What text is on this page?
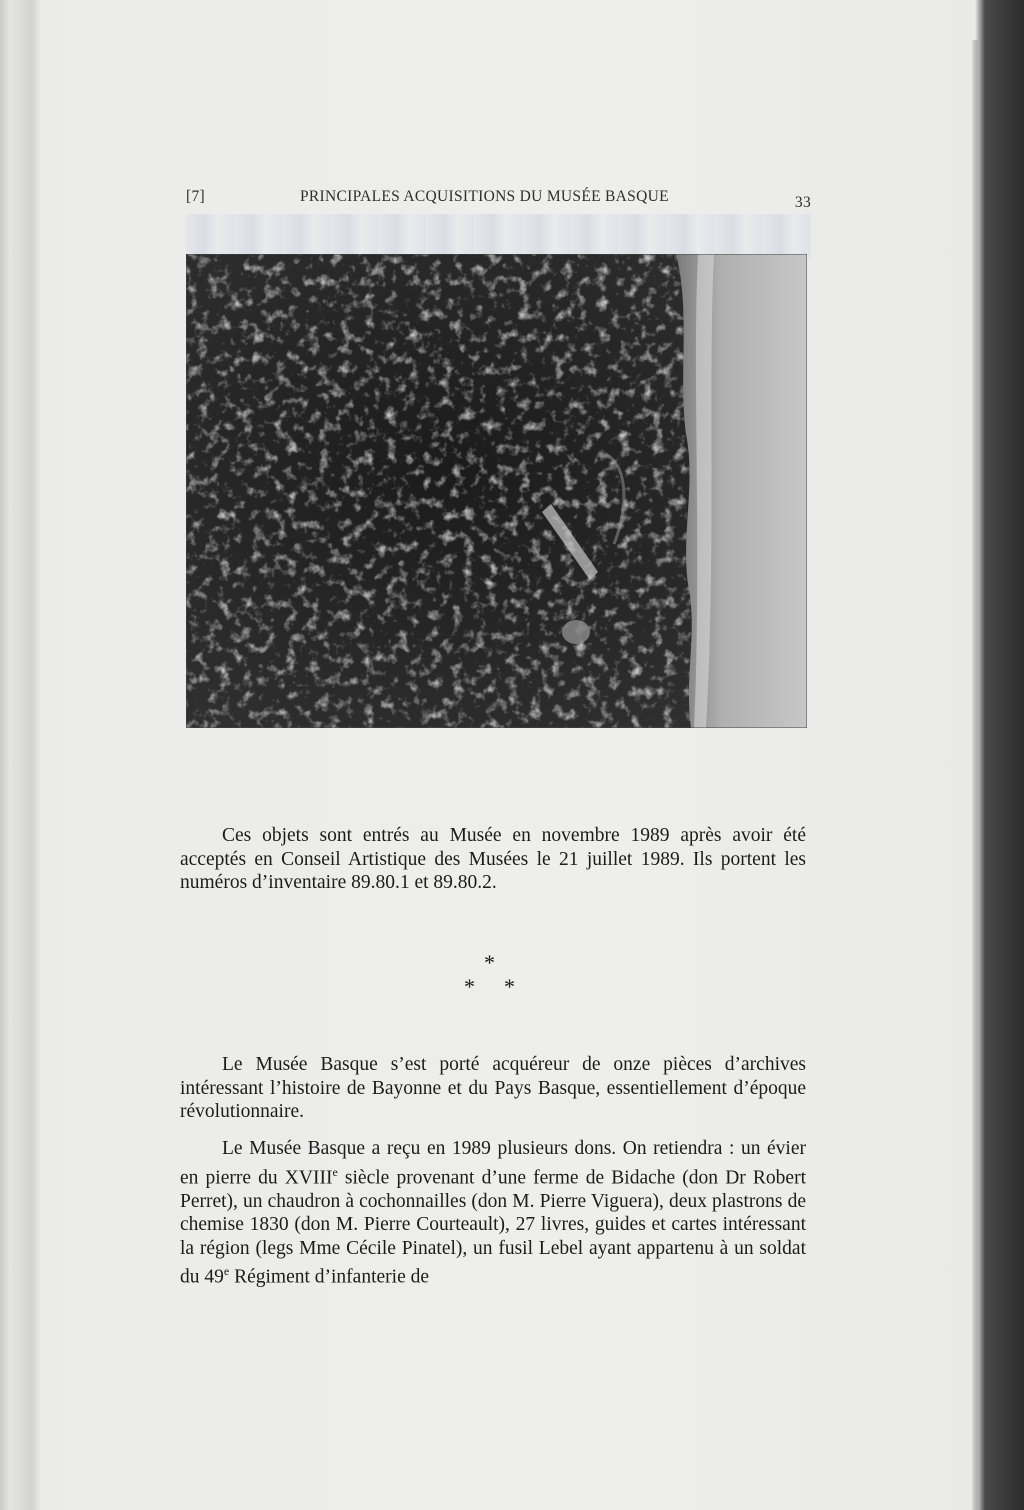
[7]	PRINCIPALES ACQUISITIONS DU MUSÉE BASQUE	33

Ces objets sont entrés au Musée en novembre 1989 après avoir été acceptés en Conseil Artistique des Musées le 21 juillet 1989. Ils portent les numéros d’inventaire 89.80.1 et 89.80.2.

*
* *

Le Musée Basque s’est porté acquéreur de onze pièces d’archives intéressant l’histoire de Bayonne et du Pays Basque, essentiellement d’époque révolutionnaire.

Le Musée Basque a reçu en 1989 plusieurs dons. On retiendra : un évier en pierre du XVIIIe siècle provenant d’une ferme de Bidache (don Dr Robert Perret), un chaudron à cochonnailles (don M. Pierre Viguera), deux plastrons de chemise 1830 (don M. Pierre Courteault), 27 livres, guides et cartes intéressant la région (legs Mme Cécile Pinatel), un fusil Lebel ayant appartenu à un soldat du 49e Régiment d’infanterie de
